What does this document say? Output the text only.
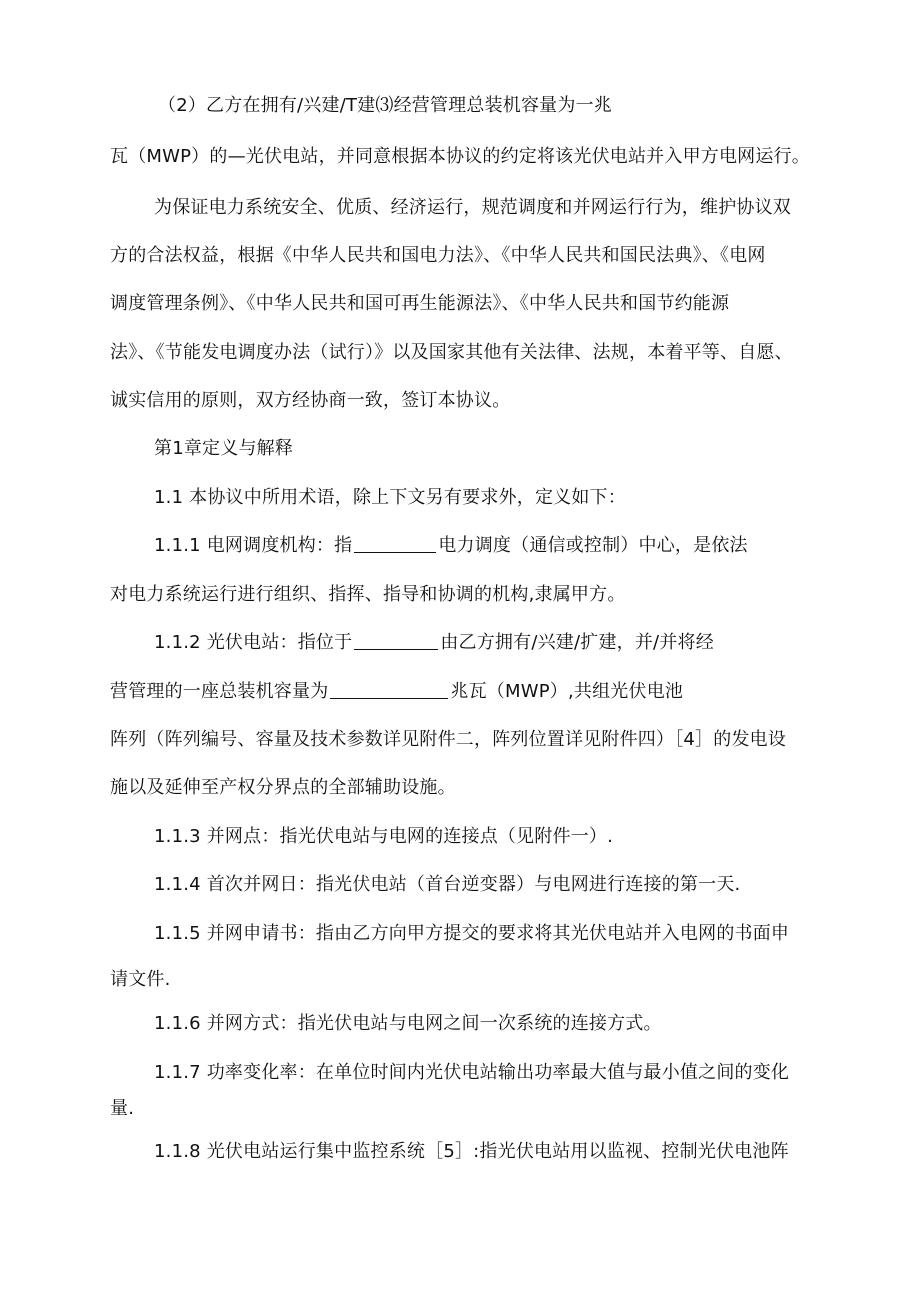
（2）乙方在拥有/兴建/T建⑶经营管理总装机容量为一兆
瓦（MWP）的—光伏电站，并同意根据本协议的约定将该光伏电站并入甲方电网运行。
为保证电力系统安全、优质、经济运行，规范调度和并网运行行为，维护协议双
方的合法权益，根据《中华人民共和国电力法》、《中华人民共和国民法典》、《电网
调度管理条例》、《中华人民共和国可再生能源法》、《中华人民共和国节约能源
法》、《节能发电调度办法（试行）》以及国家其他有关法律、法规，本着平等、自愿、
诚实信用的原则，双方经协商一致，签订本协议。
第1章定义与解释
1.1 本协议中所用术语，除上下文另有要求外，定义如下：
1.1.1 电网调度机构：指	电力调度（通信或控制）中心，是依法
对电力系统运行进行组织、指挥、指导和协调的机构,隶属甲方。
1.1.2 光伏电站：指位于	由乙方拥有/兴建/扩建，并/并将经
营管理的一座总装机容量为	兆瓦（MWP）,共组光伏电池
阵列（阵列编号、容量及技术参数详见附件二，阵列位置详见附件四）［4］的发电设
施以及延伸至产权分界点的全部辅助设施。
1.1.3 并网点：指光伏电站与电网的连接点（见附件一）.
1.1.4 首次并网日：指光伏电站（首台逆变器）与电网进行连接的第一天.
1.1.5 并网申请书：指由乙方向甲方提交的要求将其光伏电站并入电网的书面申
请文件.
1.1.6 并网方式：指光伏电站与电网之间一次系统的连接方式。
1.1.7 功率变化率：在单位时间内光伏电站输出功率最大值与最小值之间的变化
量.
1.1.8 光伏电站运行集中监控系统［5］:指光伏电站用以监视、控制光伏电池阵
